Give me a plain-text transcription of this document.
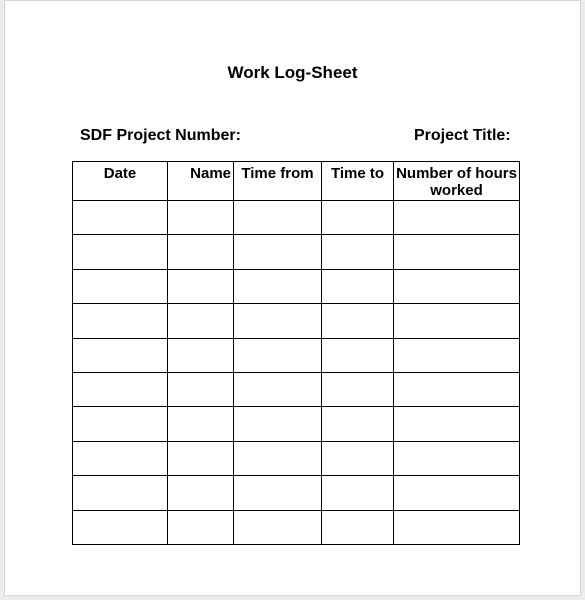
Work Log-Sheet
SDF Project Number:	Project Title:
Date	Name	Time from	Time to	Number of hours worked
